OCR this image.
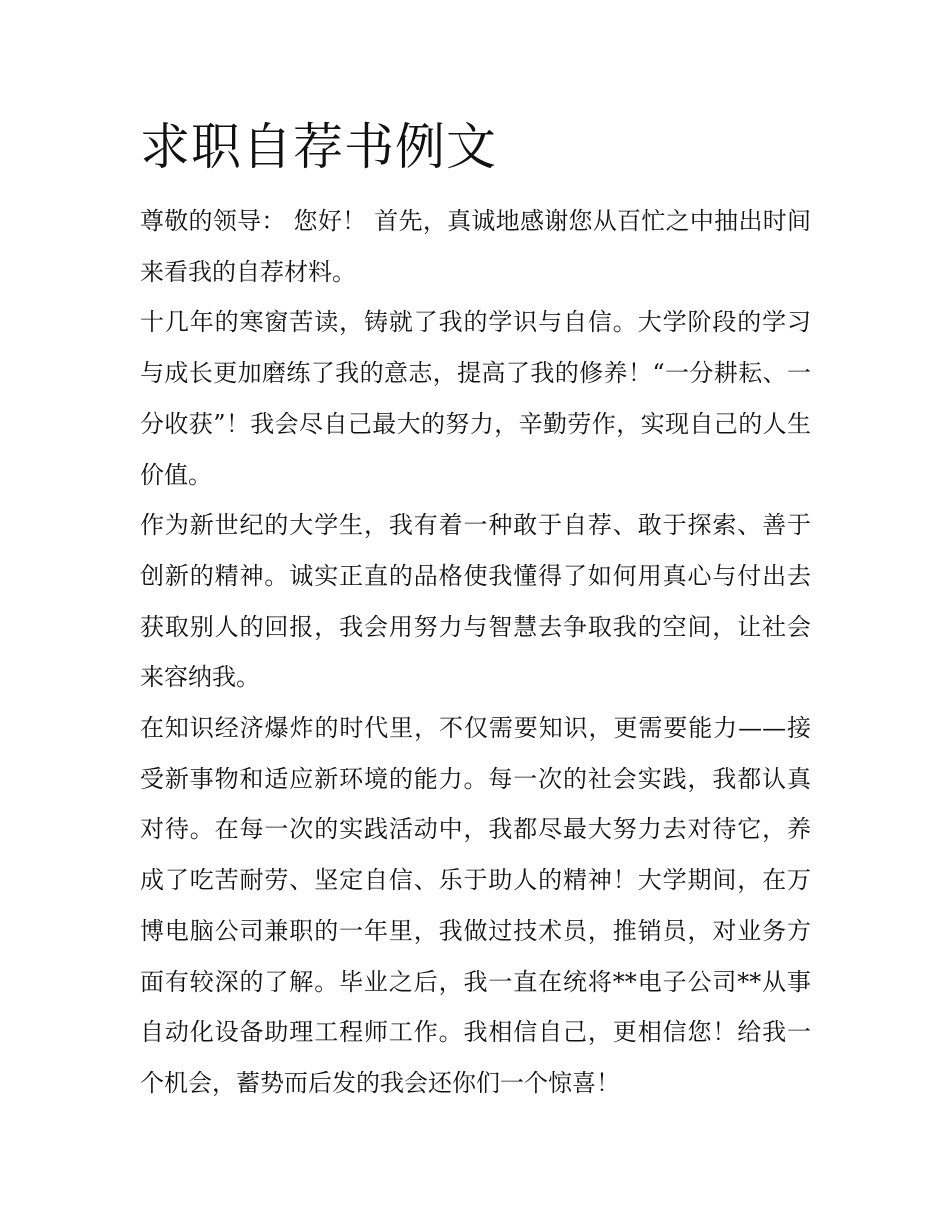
求职自荐书例文

尊敬的领导： 您好！ 首先，真诚地感谢您从百忙之中抽出时间来看我的自荐材料。

十几年的寒窗苦读，铸就了我的学识与自信。大学阶段的学习与成长更加磨练了我的意志，提高了我的修养！“一分耕耘、一分收获”！我会尽自己最大的努力，辛勤劳作，实现自己的人生价值。

作为新世纪的大学生，我有着一种敢于自荐、敢于探索、善于创新的精神。诚实正直的品格使我懂得了如何用真心与付出去获取别人的回报，我会用努力与智慧去争取我的空间，让社会来容纳我。

在知识经济爆炸的时代里，不仅需要知识，更需要能力——接受新事物和适应新环境的能力。每一次的社会实践，我都认真对待。在每一次的实践活动中，我都尽最大努力去对待它，养成了吃苦耐劳、坚定自信、乐于助人的精神！大学期间，在万博电脑公司兼职的一年里，我做过技术员，推销员，对业务方面有较深的了解。毕业之后，我一直在统将**电子公司**从事自动化设备助理工程师工作。我相信自己，更相信您！给我一个机会，蓄势而后发的我会还你们一个惊喜！
